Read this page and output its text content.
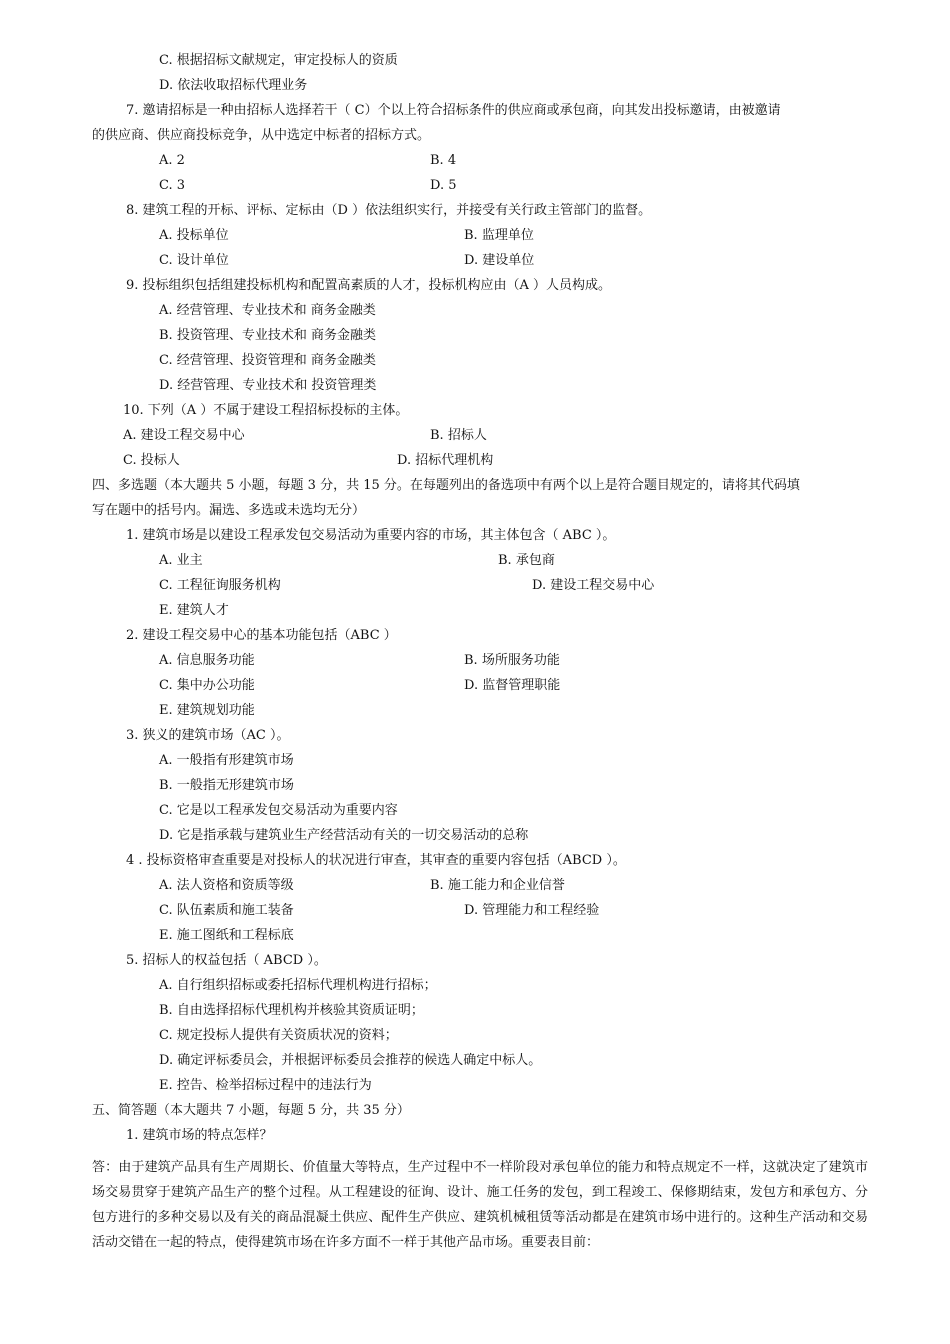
C. 根据招标文献规定，审定投标人的资质
D. 依法收取招标代理业务
7. 邀请招标是一种由招标人选择若干（ C）个以上符合招标条件的供应商或承包商，向其发出投标邀请，由被邀请
的供应商、供应商投标竞争，从中选定中标者的招标方式。
A. 2	B. 4
C. 3	D. 5
8. 建筑工程的开标、评标、定标由（D ）依法组织实行，并接受有关行政主管部门的监督。
A. 投标单位	B. 监理单位
C. 设计单位	D. 建设单位
9. 投标组织包括组建投标机构和配置高素质的人才，投标机构应由（A ）人员构成。
A. 经营管理、专业技术和 商务金融类
B. 投资管理、专业技术和 商务金融类
C. 经营管理、投资管理和 商务金融类
D. 经营管理、专业技术和 投资管理类
10. 下列（A ）不属于建设工程招标投标的主体。
A. 建设工程交易中心	B. 招标人
C. 投标人	D. 招标代理机构
四、多选题（本大题共 5 小题，每题 3 分，共 15 分。在每题列出的备选项中有两个以上是符合题目规定的，请将其代码填
写在题中的括号内。漏选、多选或未选均无分）
1. 建筑市场是以建设工程承发包交易活动为重要内容的市场，其主体包含（ ABC ）。
A. 业主	B. 承包商
C. 工程征询服务机构	D. 建设工程交易中心
E. 建筑人才
2. 建设工程交易中心的基本功能包括（ABC ）
A. 信息服务功能	B. 场所服务功能
C. 集中办公功能	D. 监督管理职能
E. 建筑规划功能
3. 狭义的建筑市场（AC ）。
A. 一般指有形建筑市场
B. 一般指无形建筑市场
C. 它是以工程承发包交易活动为重要内容
D. 它是指承载与建筑业生产经营活动有关的一切交易活动的总称
4 . 投标资格审查重要是对投标人的状况进行审查，其审查的重要内容包括（ABCD ）。
A. 法人资格和资质等级	B. 施工能力和企业信誉
C. 队伍素质和施工装备	D. 管理能力和工程经验
E. 施工图纸和工程标底
5. 招标人的权益包括（ ABCD ）。
A. 自行组织招标或委托招标代理机构进行招标；
B. 自由选择招标代理机构并核验其资质证明；
C. 规定投标人提供有关资质状况的资料；
D. 确定评标委员会，并根据评标委员会推荐的候选人确定中标人。
E. 控告、检举招标过程中的违法行为
五、简答题（本大题共 7 小题，每题 5 分，共 35 分）
1. 建筑市场的特点怎样？
答：由于建筑产品具有生产周期长、价值量大等特点，生产过程中不一样阶段对承包单位的能力和特点规定不一样，这就决定了建筑市场交易贯穿于建筑产品生产的整个过程。从工程建设的征询、设计、施工任务的发包，到工程竣工、保修期结束，发包方和承包方、分包方进行的多种交易以及有关的商品混凝土供应、配件生产供应、建筑机械租赁等活动都是在建筑市场中进行的。这种生产活动和交易活动交错在一起的特点，使得建筑市场在许多方面不一样于其他产品市场。重要表目前：
